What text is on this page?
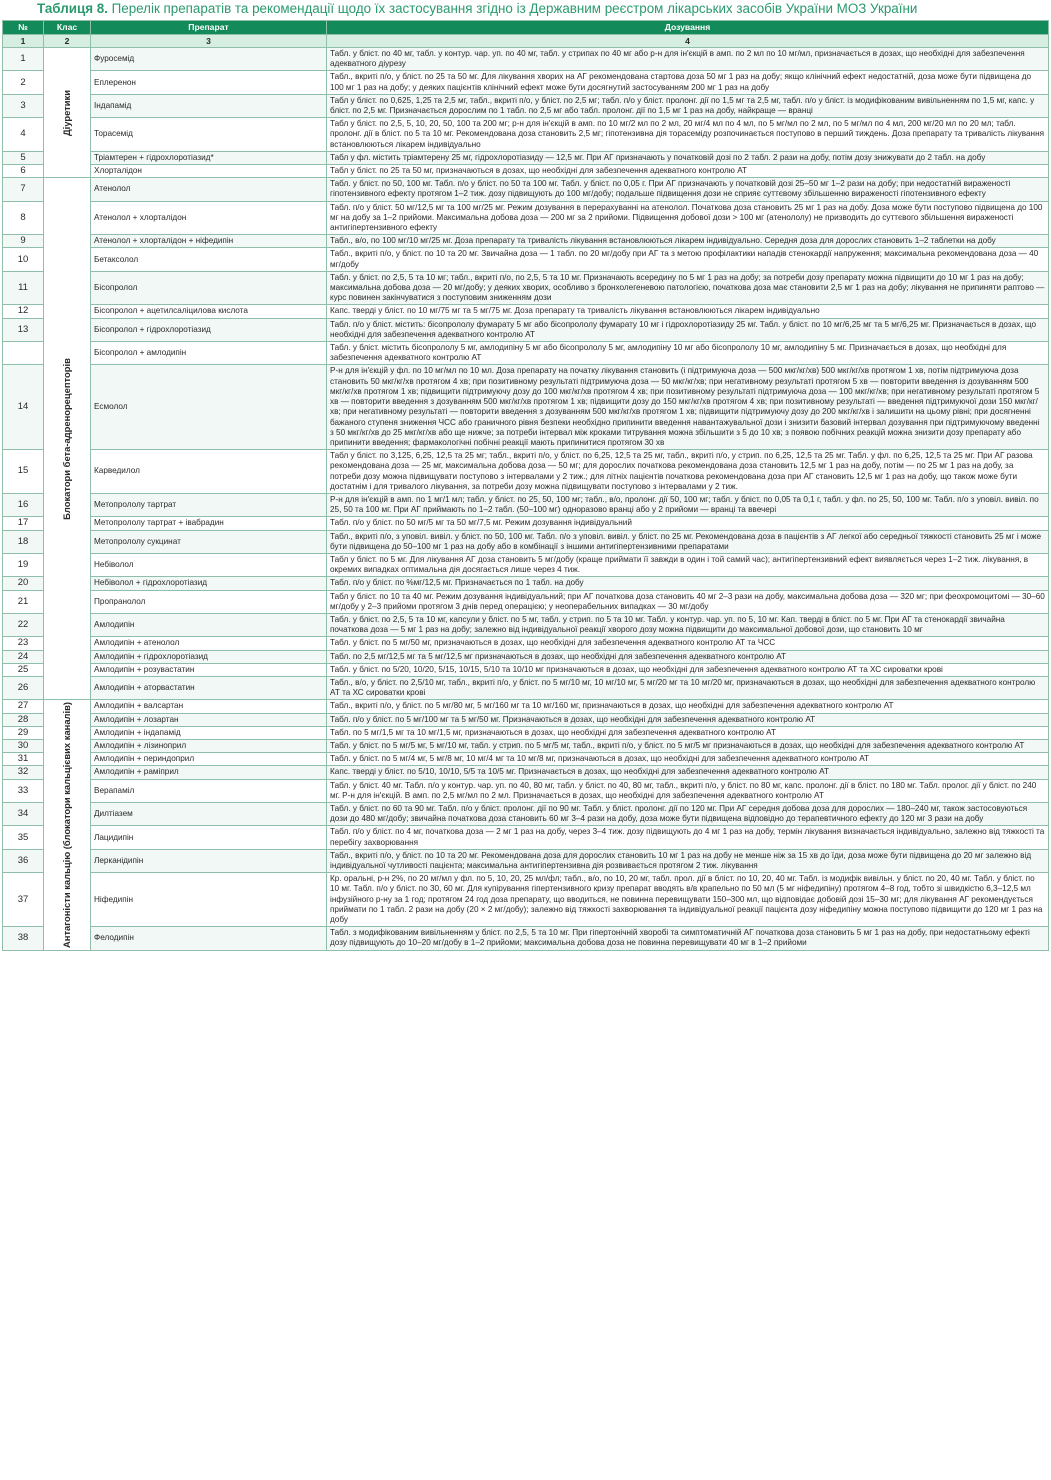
Таблиця 8. Перелік препаратів та рекомендації щодо їх застосування згідно із Державним реєстром лікарських засобів України МОЗ України
№	Клас	Препарат	Дозування
1	2	3	4
1	Діуретики	Фуросемід	Табл. у бліст. по 40 мг, табл. у контур. чар. уп. по 40 мг, табл. у стрипах по 40 мг або р-н для ін'єкцій в амп. по 2 мл по 10 мг/мл, призначається в дозах, що необхідні для забезпечення адекватного діурезу
2		Еплеренон	Табл., вкриті п/о, у бліст. по 25 та 50 мг. Для лікування хворих на АГ рекомендована стартова доза 50 мг 1 раз на добу; якщо клінічний ефект недостатній, доза може бути підвищена до 100 мг 1 раз на добу; у деяких пацієнтів клінічний ефект може бути досягнутий застосуванням 200 мг 1 раз на добу
3		Індапамід	Табл у бліст. по 0,625, 1,25 та 2,5 мг, табл., вкриті п/о, у бліст. по 2,5 мг; табл. п/о у бліст. пролонг. дії по 1,5 мг та 2,5 мг, табл. п/о у бліст. із модифікованим вивільненням по 1,5 мг, капс. у бліст. по 2,5 мг. Призначається дорослим по 1 табл. по 2,5 мг або табл. пролонг. дії по 1,5 мг 1 раз на добу, найкраще — вранці
4		Торасемід	Табл у бліст. по 2,5, 5, 10, 20, 50, 100 та 200 мг; р-н для ін'єкцій в амп. по 10 мг/2 мл по 2 мл, 20 мг/4 мл по 4 мл, по 5 мг/мл по 2 мл, по 5 мг/мл по 4 мл, 200 мг/20 мл по 20 мл; табл. пролонг. дії в бліст. по 5 та 10 мг. Рекомендована доза становить 2,5 мг; гіпотензивна дія торасеміду розпочинається поступово в перший тиждень. Доза препарату та тривалість лікування встановлюються лікарем індивідуально
5		Тріамтерен + гідрохлоротіазид*	Табл у фл. містить тріамтерену 25 мг, гідрохлоротіазиду — 12,5 мг. При АГ призначають у початковій дозі по 2 табл. 2 рази на добу, потім дозу знижувати до 2 табл. на добу
6		Хлорталідон	Табл у бліст. по 25 та 50 мг, призначаються в дозах, що необхідні для забезпечення адекватного контролю АТ
7	Блокатори бета-адренорецепторів	Атенолол	Табл. у бліст. по 50, 100 мг. Табл. п/о у бліст. по 50 та 100 мг. Табл. у бліст. по 0,05 г. При АГ призначають у початковій дозі 25–50 мг 1–2 рази на добу; при недостатній вираженості гіпотензивного ефекту протягом 1–2 тиж. дозу підвищують до 100 мг/добу; подальше підвищення дози не сприяє суттєвому збільшенню вираженості гіпотензивного ефекту
8		Атенолол + хлорталідон	Табл. п/о у бліст. 50 мг/12,5 мг та 100 мг/25 мг. Режим дозування в перерахуванні на атенолол. Початкова доза становить 25 мг 1 раз на добу. Доза може бути поступово підвищена до 100 мг на добу за 1–2 прийоми. Максимальна добова доза — 200 мг за 2 прийоми. Підвищення добової дози > 100 мг (атенололу) не призводить до суттєвого збільшення вираженості антигіпертензивного ефекту
9		Атенолол + хлорталідон + ніфедипін	Табл., в/о, по 100 мг/10 мг/25 мг. Доза препарату та тривалість лікування встановлюються лікарем індивідуально. Середня доза для дорослих становить 1–2 таблетки на добу
10		Бетаксолол	Табл., вкриті п/о, у бліст. по 10 та 20 мг. Звичайна доза — 1 табл. по 20 мг/добу при АГ та з метою профілактики нападів стенокардії напруження; максимальна рекомендована доза — 40 мг/добу
11		Бісопролол	Табл. у бліст. по 2,5, 5 та 10 мг; табл., вкриті п/о, по 2,5, 5 та 10 мг. Призначають всередину по 5 мг 1 раз на добу; за потреби дозу препарату можна підвищити до 10 мг 1 раз на добу; максимальна добова доза — 20 мг/добу; у деяких хворих, особливо з бронхолегеневою патологією, початкова доза має становити 2,5 мг 1 раз на добу; лікування не припиняти раптово — курс повинен закінчуватися з поступовим зниженням дози
12		Бісопролол + ацетилсаліцилова кислота	Капс. тверді у бліст. по 10 мг/75 мг та 5 мг/75 мг. Доза препарату та тривалість лікування встановлюються лікарем індивідуально
13		Бісопролол + гідрохлоротіазид	Табл. п/о у бліст. містить: бісопрололу фумарату 5 мг або бісопрололу фумарату 10 мг і гідрохлоротіазиду 25 мг. Табл. у бліст. по 10 мг/6,25 мг та 5 мг/6,25 мг. Призначається в дозах, що необхідні для забезпечення адекватного контролю АТ
		Бісопролол + амлодипін	Табл. у бліст. містить бісопрололу 5 мг, амлодипіну 5 мг або бісопрололу 5 мг, амлодипіну 10 мг або бісопрололу 10 мг, амлодипіну 5 мг. Призначається в дозах, що необхідні для забезпечення адекватного контролю АТ
14		Есмолол	Р-н для ін'єкцій у фл. по 10 мг/мл по 10 мл. Доза препарату на початку лікування становить (і підтримуюча доза — 500 мкг/кг/хв) 500 мкг/кг/хв протягом 1 хв, потім підтримуюча доза становить 50 мкг/кг/хв протягом 4 хв; при позитивному результаті підтримуюча доза — 50 мкг/кг/хв; при негативному результаті протягом 5 хв — повторити введення із дозуванням 500 мкг/кг/хв протягом 1 хв; підвищити підтримуючу дозу до 100 мкг/кг/хв протягом 4 хв; при позитивному результаті підтримуюча доза — 100 мкг/кг/хв; при негативному результаті протягом 5 хв — повторити введення з дозуванням 500 мкг/кг/хв протягом 1 хв; підвищити дозу до 150 мкг/кг/хв протягом 4 хв; при позитивному результаті — введення підтримуючої дози 150 мкг/кг/хв; при негативному результаті — повторити введення з дозуванням 500 мкг/кг/хв протягом 1 хв; підвищити підтримуючу дозу до 200 мкг/кг/хв і залишити на цьому рівні; при досягненні бажаного ступеня зниження ЧСС або граничного рівня безпеки необхідно припинити введення навантажувальної дози і знизити базовий інтервал дозування при підтримуючому введенні з 50 мкг/кг/хв до 25 мкг/кг/хв або ще нижче; за потреби інтервал між кроками титрування можна збільшити з 5 до 10 хв; з появою побічних реакцій можна знизити дозу препарату або припинити введення; фармакологічні побічні реакції мають припинитися протягом 30 хв
15		Карведилол	Табл у бліст. по 3,125, 6,25, 12,5 та 25 мг; табл., вкриті п/о, у бліст. по 6,25, 12,5 та 25 мг, табл., вкриті п/о, у стрип. по 6,25, 12,5 та 25 мг. Табл. у фл. по 6,25, 12,5 та 25 мг. При АГ разова рекомендована доза — 25 мг, максимальна добова доза — 50 мг; для дорослих початкова рекомендована доза становить 12,5 мг 1 раз на добу, потім — по 25 мг 1 раз на добу, за потреби дозу можна підвищувати поступово з інтервалами у 2 тиж.; для літніх пацієнтів початкова рекомендована доза при АГ становить 12,5 мг 1 раз на добу, що також може бути достатнім і для тривалого лікування, за потреби дозу можна підвищувати поступово з інтервалами у 2 тиж.
16		Метопрололу тартрат	Р-н для ін'єкцій в амп. по 1 мг/1 мл; табл. у бліст. по 25, 50, 100 мг; табл., в/о, пролонг. дії 50, 100 мг; табл. у бліст. по 0,05 та 0,1 г, табл. у фл. по 25, 50, 100 мг. Табл. п/о з уповіл. вивіл. по 25, 50 та 100 мг. При АГ приймають по 1–2 табл. (50–100 мг) одноразово вранці або у 2 прийоми — вранці та ввечері
17		Метопрололу тартрат + івабрадин	Табл. п/о у бліст. по 50 мг/5 мг та 50 мг/7,5 мг. Режим дозування індивідуальний
18		Метопрололу сукцинат	Табл., вкриті п/о, з уповіл. вивіл. у бліст. по 50, 100 мг. Табл. п/о з уповіл. вивіл. у бліст. по 25 мг. Рекомендована доза в пацієнтів з АГ легкої або середньої тяжкості становить 25 мг і може бути підвищена до 50–100 мг 1 раз на добу або в комбінації з іншими антигіпертензивними препаратами
19		Небіволол	Табл у бліст. по 5 мг. Для лікування АГ доза становить 5 мг/добу (краще приймати її завжди в один і той самий час); антигіпертензивний ефект виявляється через 1–2 тиж. лікування, в окремих випадках оптимальна дія досягається лише через 4 тиж.
20		Небіволол + гідрохлоротіазид	Табл. п/о у бліст. по %мг/12,5 мг. Призначається по 1 табл. на добу
21		Пропранолол	Табл у бліст. по 10 та 40 мг. Режим дозування індивідуальний; при АГ початкова доза становить 40 мг 2–3 рази на добу, максимальна добова доза — 320 мг; при феохромоцитомі — 30–60 мг/добу у 2–3 прийоми протягом 3 днів перед операцією; у неоперабельних випадках — 30 мг/добу
22		Амлодипін	Табл. у бліст. по 2,5, 5 та 10 мг, капсули у бліст. по 5 мг, табл. у стрип. по 5 та 10 мг. Табл. у контур. чар. уп. по 5, 10 мг. Кап. тверді в бліст. по 5 мг. При АГ та стенокардії звичайна початкова доза — 5 мг 1 раз на добу; залежно від індивідуальної реакції хворого дозу можна підвищити до максимальної добової дози, що становить 10 мг
23		Амлодипін + атенолол	Табл. у бліст. по 5 мг/50 мг, призначаються в дозах, що необхідні для забезпечення адекватного контролю АТ та ЧСС
24		Амлодипін + гідрохлоротіазид	Табл. по 2,5 мг/12,5 мг та 5 мг/12,5 мг призначаються в дозах, що необхідні для забезпечення адекватного контролю АТ
25		Амлодипін + розувастатин	Табл. у бліст. по 5/20, 10/20, 5/15, 10/15, 5/10 та 10/10 мг призначаються в дозах, що необхідні для забезпечення адекватного контролю АТ та ХС сироватки крові
26		Амлодипін + аторвастатин	Табл., в/о, у бліст. по 2,5/10 мг, табл., вкриті п/о, у бліст. по 5 мг/10 мг, 10 мг/10 мг, 5 мг/20 мг та 10 мг/20 мг, призначаються в дозах, що необхідні для забезпечення адекватного контролю АТ та ХС сироватки крові
27	Антагоністи кальцію (блокатори кальцієвих каналів)	Амлодипін + валсартан	Табл., вкриті п/о, у бліст. по 5 мг/80 мг, 5 мг/160 мг та 10 мг/160 мг, призначаються в дозах, що необхідні для забезпечення адекватного контролю АТ
28		Амлодипін + лозартан	Табл. п/о у бліст. по 5 мг/100 мг та 5 мг/50 мг. Призначаються в дозах, що необхідні для забезпечення адекватного контролю АТ
29		Амлодипін + індапамід	Табл. по 5 мг/1,5 мг та 10 мг/1,5 мг, призначаються в дозах, що необхідні для забезпечення адекватного контролю АТ
30		Амлодипін + лізиноприл	Табл. у бліст. по 5 мг/5 мг, 5 мг/10 мг, табл. у стрип. по 5 мг/5 мг, табл., вкриті п/о, у бліст. по 5 мг/5 мг призначаються в дозах, що необхідні для забезпечення адекватного контролю АТ
31		Амлодипін + периндоприл	Табл. у бліст. по 5 мг/4 мг, 5 мг/8 мг, 10 мг/4 мг та 10 мг/8 мг, призначаються в дозах, що необхідні для забезпечення адекватного контролю АТ
32		Амлодипін + раміприл	Капс. тверді у бліст. по 5/10, 10/10, 5/5 та 10/5 мг. Призначається в дозах, що необхідні для забезпечення адекватного контролю АТ
33		Верапаміл	Табл. у бліст. 40 мг. Табл. п/о у контур. чар. уп. по 40, 80 мг, табл. у бліст. по 40, 80 мг, табл., вкриті п/о, у бліст. по 80 мг, капс. пролонг. дії в бліст. по 180 мг. Табл. пролог. дії у бліст. по 240 мг. Р-н для ін'єкцій. В амп. по 2,5 мг/мл по 2 мл. Призначається в дозах, що необхідні для забезпечення адекватного контролю АТ
34		Дилтіазем	Табл. у бліст. по 60 та 90 мг. Табл. п/о у бліст. пролонг. дії по 90 мг. Табл. у бліст. пролонг. дії по 120 мг. При АГ середня добова доза для дорослих — 180–240 мг, також застосовуються дози до 480 мг/добу; звичайна початкова доза становить 60 мг 3–4 рази на добу, доза може бути підвищена відповідно до терапевтичного ефекту до 120 мг 3 рази на добу
35		Лацидипін	Табл. п/о у бліст. по 4 мг, початкова доза — 2 мг 1 раз на добу, через 3–4 тиж. дозу підвищують до 4 мг 1 раз на добу, термін лікування визначається індивідуально, залежно від тяжкості та перебігу захворювання
36		Лерканідипін	Табл., вкриті п/о, у бліст. по 10 та 20 мг. Рекомендована доза для дорослих становить 10 мг 1 раз на добу не менше ніж за 15 хв до їди, доза може бути підвищена до 20 мг залежно від індивідуальної чутливості пацієнта; максимальна антигіпертензивна дія розвивається протягом 2 тиж. лікування
37		Ніфедипін	Кр. оральні, р-н 2%, по 20 мг/мл у фл. по 5, 10, 20, 25 мл/фл; табл., в/о, по 10, 20 мг, табл. прол. дії в бліст. по 10, 20, 40 мг. Табл. із модифік вивільн. у бліст. по 20, 40 мг. Табл. у бліст. по 10 мг. Табл. п/о у бліст. по 30, 60 мг. Для купірування гіпертензивного кризу препарат вводять в/в крапельно по 50 мл (5 мг ніфедипіну) протягом 4–8 год, тобто зі швидкістю 6,3–12,5 мл інфузійного р-ну за 1 год; протягом 24 год доза препарату, що вводиться, не повинна перевищувати 150–300 мл, що відповідає добовій дозі 15–30 мг; для лікування АГ рекомендується приймати по 1 табл. 2 рази на добу (20 × 2 мг/добу); залежно від тяжкості захворювання та індивідуальної реакції пацієнта дозу ніфедипіну можна поступово підвищити до 120 мг 1 раз на добу
38		Фелодипін	Табл. з модифікованим вивільненням у бліст. по 2,5, 5 та 10 мг. При гіпертонічній хворобі та симптоматичній АГ початкова доза становить 5 мг 1 раз на добу, при недостатньому ефекті дозу підвищують до 10–20 мг/добу в 1–2 прийоми; максимальна добова доза не повинна перевищувати 40 мг в 1–2 прийоми
